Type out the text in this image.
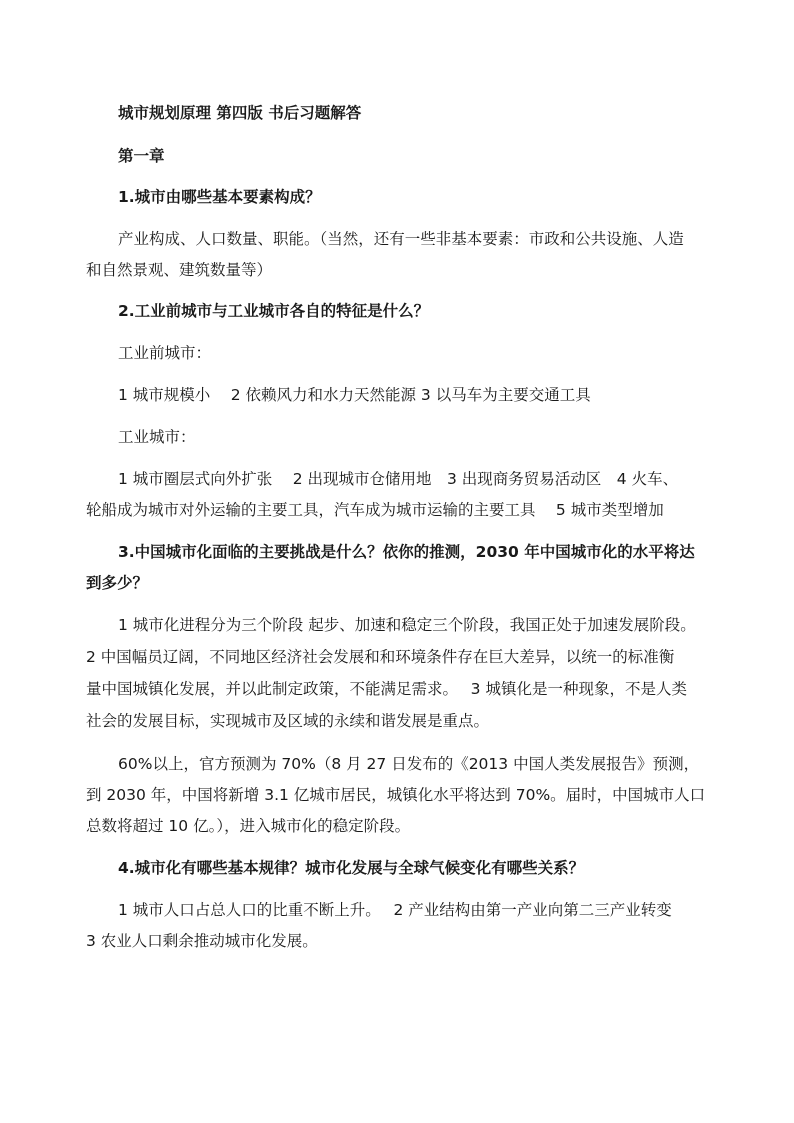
城市规划原理 第四版 书后习题解答
第一章
1.城市由哪些基本要素构成？
产业构成、人口数量、职能。（当然，还有一些非基本要素：市政和公共设施、人造
和自然景观、建筑数量等）
2.工业前城市与工业城市各自的特征是什么？
工业前城市：
1 城市规模小　 2 依赖风力和水力天然能源 3 以马车为主要交通工具
工业城市：
1 城市圈层式向外扩张　 2 出现城市仓储用地　3 出现商务贸易活动区　4 火车、
轮船成为城市对外运输的主要工具，汽车成为城市运输的主要工具　 5 城市类型增加
3.中国城市化面临的主要挑战是什么？依你的推测，2030 年中国城市化的水平将达
到多少？
1 城市化进程分为三个阶段 起步、加速和稳定三个阶段，我国正处于加速发展阶段。
2 中国幅员辽阔，不同地区经济社会发展和和环境条件存在巨大差异，以统一的标准衡
量中国城镇化发展，并以此制定政策，不能满足需求。　 3 城镇化是一种现象，不是人类
社会的发展目标，实现城市及区域的永续和谐发展是重点。
60%以上，官方预测为 70%（8 月 27 日发布的《2013 中国人类发展报告》预测，
到 2030 年，中国将新增 3.1 亿城市居民，城镇化水平将达到 70%。届时，中国城市人口
总数将超过 10 亿。），进入城市化的稳定阶段。
4.城市化有哪些基本规律？城市化发展与全球气候变化有哪些关系？
1 城市人口占总人口的比重不断上升。　 2 产业结构由第一产业向第二三产业转变
3 农业人口剩余推动城市化发展。
